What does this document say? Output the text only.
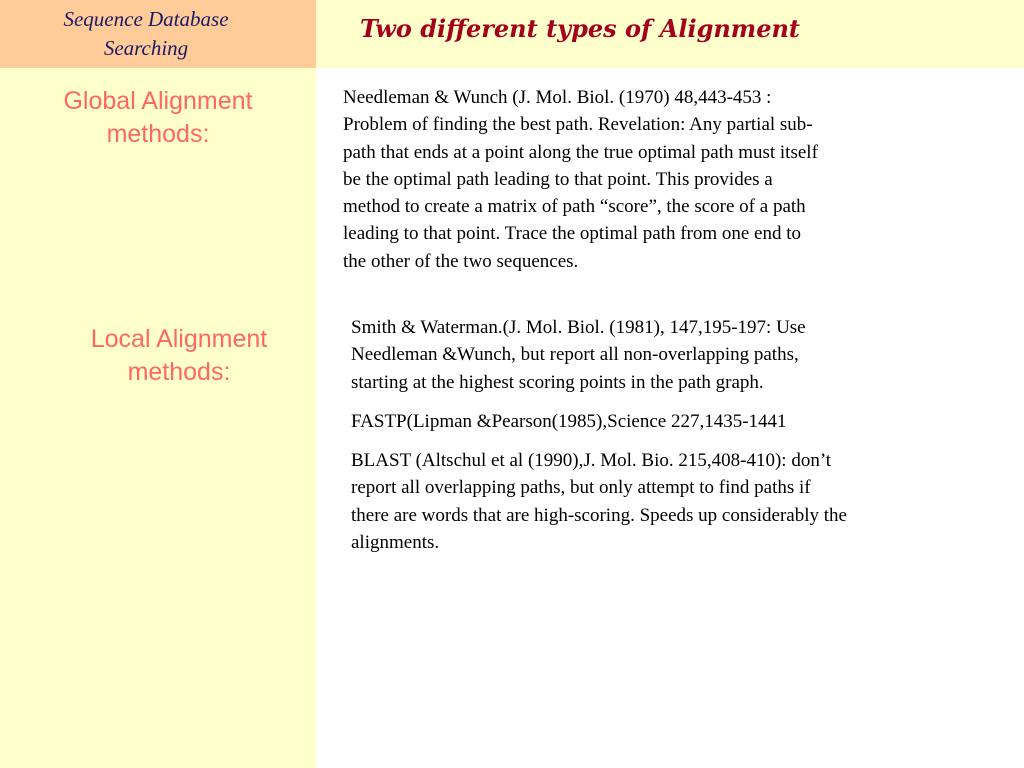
Sequence Database
Searching
Two different types of Alignment
Global Alignment
methods:
Local Alignment
methods:
Needleman & Wunch (J. Mol. Biol. (1970) 48,443-453 :
Problem of finding the best path. Revelation: Any partial sub-
path that ends at a point along the true optimal path must itself
be the optimal path leading to that point. This provides a
method to create a matrix of path “score”, the score of a path
leading to that point. Trace the optimal path from one end to
the other of the two sequences.

Smith & Waterman.(J. Mol. Biol. (1981), 147,195-197: Use
Needleman &Wunch, but report all non-overlapping paths,
starting at the highest scoring points in the path graph.

FASTP(Lipman &Pearson(1985),Science 227,1435-1441

BLAST (Altschul et al (1990),J. Mol. Bio. 215,408-410): don’t
report all overlapping paths, but only attempt to find paths if
there are words that are high-scoring. Speeds up considerably the
alignments.
